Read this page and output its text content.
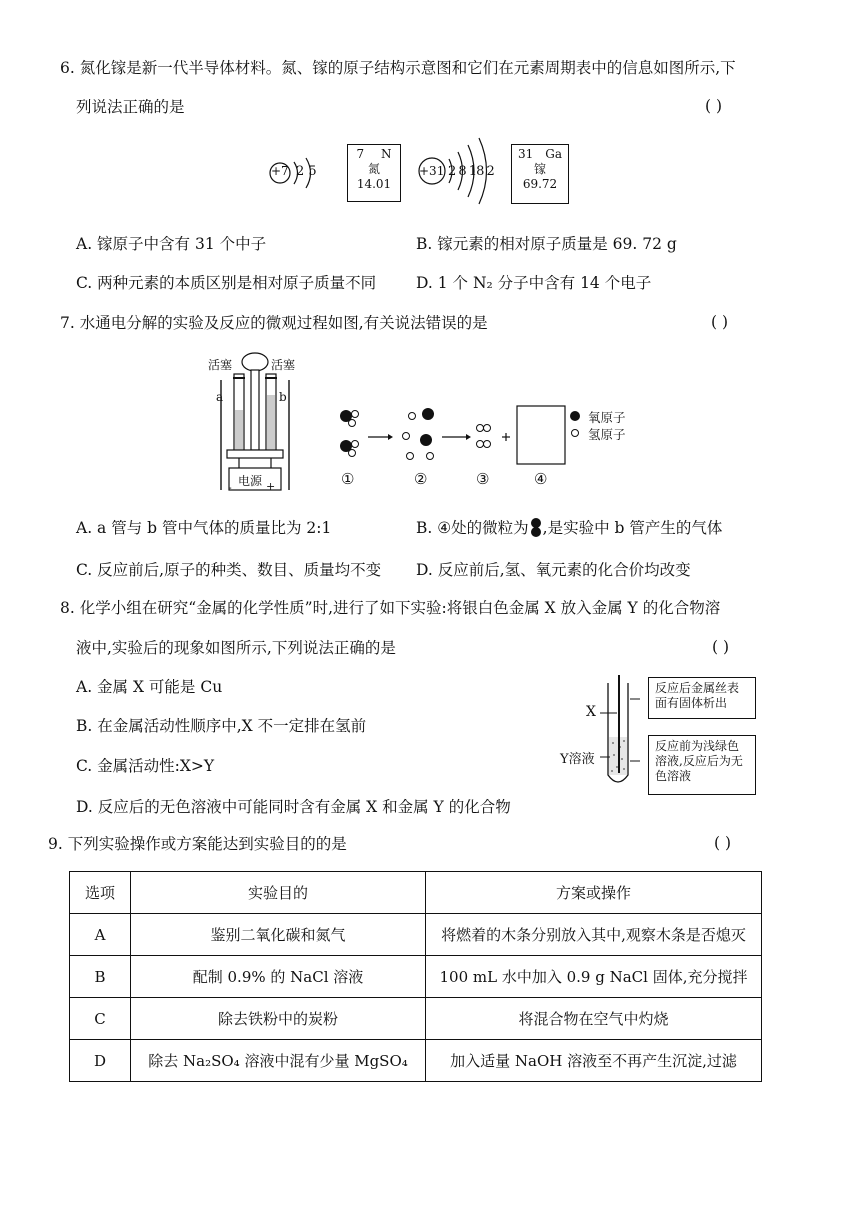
6. 氮化镓是新一代半导体材料。氮、镓的原子结构示意图和它们在元素周期表中的信息如图所示,下
列说法正确的是	( )
+7 2 5
7 N
氮
14.01
+31 2 8 18 2
31 Ga
镓
69.72
A. 镓原子中含有 31 个中子	B. 镓元素的相对原子质量是 69. 72 g
C. 两种元素的本质区别是相对原子质量不同	D. 1 个 N₂ 分子中含有 14 个电子
7. 水通电分解的实验及反应的微观过程如图,有关说法错误的是	( )
活塞	活塞
a	b
电源
-	+
氧原子
氢原子
①	②	③	④
A. a 管与 b 管中气体的质量比为 2:1	B. ④处的微粒为 ,是实验中 b 管产生的气体
C. 反应前后,原子的种类、数目、质量均不变 D. 反应前后,氢、氧元素的化合价均改变
8. 化学小组在研究“金属的化学性质”时,进行了如下实验:将银白色金属 X 放入金属 Y 的化合物溶
液中,实验后的现象如图所示,下列说法正确的是	( )
A. 金属 X 可能是 Cu
B. 在金属活动性顺序中,X 不一定排在氢前
C. 金属活动性:X>Y
D. 反应后的无色溶液中可能同时含有金属 X 和金属 Y 的化合物
X
Y溶液
反应后金属丝表面有固体析出
反应前为浅绿色溶液,反应后为无色溶液
9. 下列实验操作或方案能达到实验目的的是	( )
选项	实验目的	方案或操作
A	鉴别二氧化碳和氮气	将燃着的木条分别放入其中,观察木条是否熄灭
B	配制 0.9% 的 NaCl 溶液	100 mL 水中加入 0.9 g NaCl 固体,充分搅拌
C	除去铁粉中的炭粉	将混合物在空气中灼烧
D	除去 Na₂SO₄ 溶液中混有少量 MgSO₄	加入适量 NaOH 溶液至不再产生沉淀,过滤
